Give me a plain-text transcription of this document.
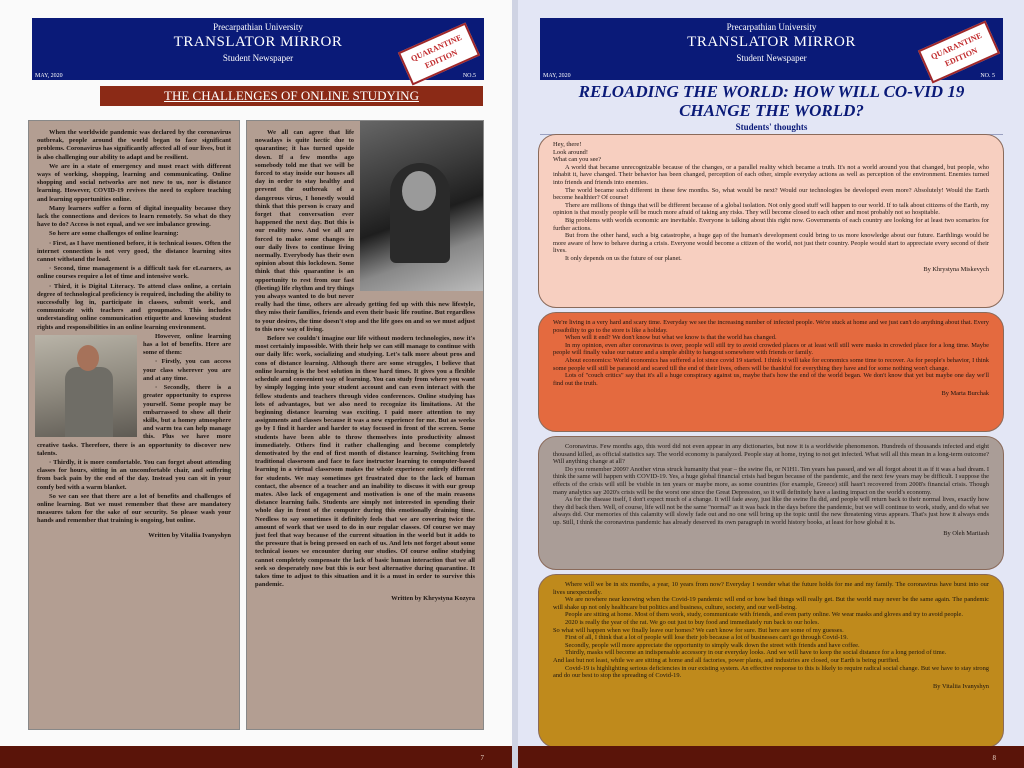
Precarpathian University
TRANSLATOR MIRROR
Student Newspaper
MAY, 2020	NO.5
QUARANTINE EDITION
THE CHALLENGES OF ONLINE STUDYING

When the worldwide pandemic was declared by the coronavirus outbreak, people around the world began to face significant problems. Coronavirus has significantly affected all of our lives, but it is also challenging our ability to adapt and be resilient.

We are in a state of emergency and must react with different ways of working, shopping, learning and communicating. Online shopping and social networks are not new to us, nor is distance learning. However, COVID-19 revives the need to explore teaching and learning opportunities online.

Many learners suffer a form of digital inequality because they lack the connections and devices to learn remotely. So what do they have to do? Access is not equal, and we see imbalance growing.

So here are some challenges of online learning:

· First, as I have mentioned before, it is technical issues. Often the internet connection is not very good, the distance learning sites cannot withstand the load.

· Second, time management is a difficult task for eLearners, as online courses require a lot of time and intensive work.

· Third, it is Digital Literacy. To attend class online, a certain degree of technological proficiency is required, including the ability to successfully log in, participate in classes, submit work, and communicate with teachers and groupmates. This includes understanding online communication etiquette and knowing student rights and responsibilities in an online learning environment.

However, online learning has a lot of benefits. Here are some of them:

· Firstly, you can access your class wherever you are and at any time.

· Secondly, there is a greater opportunity to express yourself. Some people may be embarrassed to show all their skills, but a homey atmosphere and warm tea can help manage this. Plus we have more creative tasks. Therefore, there is an opportunity to discover new talents.

· Thirdly, it is more comfortable. You can forget about attending classes for hours, sitting in an uncomfortable chair, and suffering from back pain by the end of the day. Instead you can sit in your comfy bed with a warm blanket.

So we can see that there are a lot of benefits and challenges of online learning. But we must remember that these are mandatory measures taken for the sake of our security. So please wash your hands and remember that training is ongoing, but online.

Written by Vitaliia Ivanyshyn

We all can agree that life nowadays is quite hectic due to quarantine; it has turned upside down. If a few months ago somebody told me that we will be forced to stay inside our houses all day in order to stay healthy and prevent the outbreak of a dangerous virus, I honestly would think that this person is crazy and forget that conversation ever happened the next day. But this is our reality now. And we all are forced to make some changes in our daily lives to continue living normally. Everybody has their own opinion about this lockdown. Some think that this quarantine is an opportunity to rest from our fast (fleeting) life rhythm and try things you always wanted to do but never really had the time, others are already getting fed up with this new lifestyle, they miss their families, friends and even their basic life routine. But regardless to your desires, the time doesn't stop and the life goes on and so we must adjust to this new way of living.

Before we couldn't imagine our life without modern technologies, now it's most certainly impossible. With their help we can still manage to continue with our daily life: work, socializing and studying. Let's talk more about pros and cons of distance learning. Although there are some struggles, I believe that online learning is the best solution in these hard times. It gives you a flexible schedule and convenient way of learning. You can study from where you want by simply logging into your student account and can even interact with the fellow students and teachers through video conferences. Online studying has lots of advantages, but we also need to recognize its limitations. At the beginning distance learning was exciting. I paid more attention to my assignments and classes because it was a new experience for me. But as weeks go by I find it harder and harder to stay focused in front of the screen. Some students have been able to throw themselves into productivity almost immediately. Others find it rather challenging and become completely demotivated by the end of first month of distance learning. Switching from traditional classroom and face to face instructor learning to computer-based learning in a virtual classroom makes the whole experience entirely different for students. We may sometimes get frustrated due to the lack of human contact, the absence of a teacher and an inability to discuss it with our group mates. Also lack of engagement and motivation is one of the main reasons distance learning fails. Students are simply not interested in spending their whole day in front of the computer during this emotionally draining time. Needless to say sometimes it definitely feels that we are covering twice the amount of work that we used to do in our regular classes. Of course we may just feel that way because of the current situation in the world but it adds to the pressure that is being pressed on each of us. And lets not forget about some technical issues we encounter during our studies. Of course online studying cannot completely compensate the lack of basic human interaction that we all seek so desperately now but this is our best alternative during quarantine. It takes time to adjust to this situation and it is a must in order to survive this pandemic.

Written by Khrystyna Kozyra

7
Precarpathian University
TRANSLATOR MIRROR
Student Newspaper
MAY, 2020	NO. 5
QUARANTINE EDITION
RELOADING THE WORLD: HOW WILL CO-VID 19
CHANGE THE WORLD?
Students' thoughts

Hey, there!

Look around!

What can you see?

A world that became unrecognizable because of the changes, or a parallel reality which became a truth. It's not a world around you that changed, but people, who inhabit it, have changed. Their behavior has been changed, perception of each other, simple everyday actions as well as perception of the environment. Enemies turned into friends and friends into enemies.

The world became such different in these few months. So, what would be next? Would our technologies be developed even more? Absolutely! Would the Earth become healthier? Of course!

There are millions of things that will be different because of a global isolation. Not only good stuff will happen to our world. If to talk about citizens of the Earth, my opinion is that mostly people will be much more afraid of taking any risks. They will become closed to each other and most probably not so hospitable.

Big problems with worlds economic are inevitable. Everyone is talking about this right now. Governments of each country are looking for at least two scenarios for further actions.

But from the other hand, such a big catastrophe, a huge gap of the human's development could bring to us more knowledge about our future. Earthlings would be more aware of how to behave during a crisis. Everyone would become a citizen of the world, not just their country. People would start to appreciate every second of their lives.

It only depends on us the future of our planet.

By Khrystyna Miskevych

We're living in a very hard and scary time. Everyday we see the increasing number of infected people. We're stuck at home and we just can't do anything about that. Every possibility to go to the store is like a holiday.

When will it end? We don't know but what we know is that the world has changed.

In my opinion, even after coronavirus is over, people will still try to avoid crowded places or at least will still were masks in crowded place for a long time. Maybe people will finally value our nature and a simple ability to hangout somewhere with friends or family.

About economics: World economics has suffered a lot since covid 19 started. I think it will take for economics some time to recover. As for people's behavior, I think some people will still be paranoid and scared till the end of their lives, others will be thankful for everything they have and for some nothing won't change.

Lots of "couch critics" say that it's all a huge conspiracy against us, maybe that's how the end of the world began. We don't know that yet but maybe one day we'll find out the truth.

By Marta Burchak

Coronavirus. Few months ago, this word did not even appear in any dictionaries, but now it is a worldwide phenomenon. Hundreds of thousands infected and eight thousand killed, as official statistics say. The world economy is paralyzed. People stay at home, trying to not get infected. What will all this mean in a long-term outcome? Will anything change at all?

Do you remember 2009? Another virus struck humanity that year – the swine flu, or N1H1. Ten years has passed, and we all forgot about it as if it was a bad dream. I think the same will happen with COVID-19. Yes, a huge global financial crisis had begun because of the pandemic, and the next few years may be difficult. I suppose the effects of the crisis will still be visible in ten years or maybe more, as some countries (for example, Greece) still hasn't recovered from 2008's financial crisis. Though many analytics say 2020's crisis will be the worst one since the Great Depression, so it will definitely have a lasting impact on the world's economy.

As for the disease itself, I don't expect much of a change. It will fade away, just like the swine flu did, and people will return back to their normal lives, exactly how they did back then. Well, of course, life will not be the same "normal" as it was back in the days before the pandemic, but we will continue to work, study, and do what we always did. Our memories of this calamity will slowly fade out and no one will bring up the topic until the new threatening virus appears. That's just how it always ends up. Still, I think the coronavirus pandemic has already deserved its own paragraph in world history books, at least for how global it is.

By Oleh Mariiash

Where will we be in six months, a year, 10 years from now? Everyday I wonder what the future holds for me and my family. The coronavirus have burst into our lives unexpectedly.

We are nowhere near knowing when the Covid-19 pandemic will end or how bad things will really get. But the world may never be the same again. The pandemic will shake up not only healthcare but politics and business, culture, society, and our well-being.

People are sitting at home. Most of them work, study, communicate with friends, and even party online. We wear masks and gloves and try to avoid people.

2020 is really the year of the rat. We go out just to buy food and immediately run back to our holes.

So what will happen when we finally leave our homes? We can't know for sure. But here are some of my guesses.

First of all, I think that a lot of people will lose their job because a lot of businesses can't go through Covid-19.

Secondly, people will more appreciate the opportunity to simply walk down the street with friends and have coffee.

Thirdly, masks will become an indispensable accessory in our everyday looks. And we will have to keep the social distance for a long period of time.

And last but not least, while we are sitting at home and all factories, power plants, and industries are closed, our Earth is being purified.

Covid-19 is highlighting serious deficiencies in our existing system. An effective response to this is likely to require radical social change. But we have to stay strong and do our best to stop the spreading of Covid-19.

By Vitaliia Ivanyshyn

8
